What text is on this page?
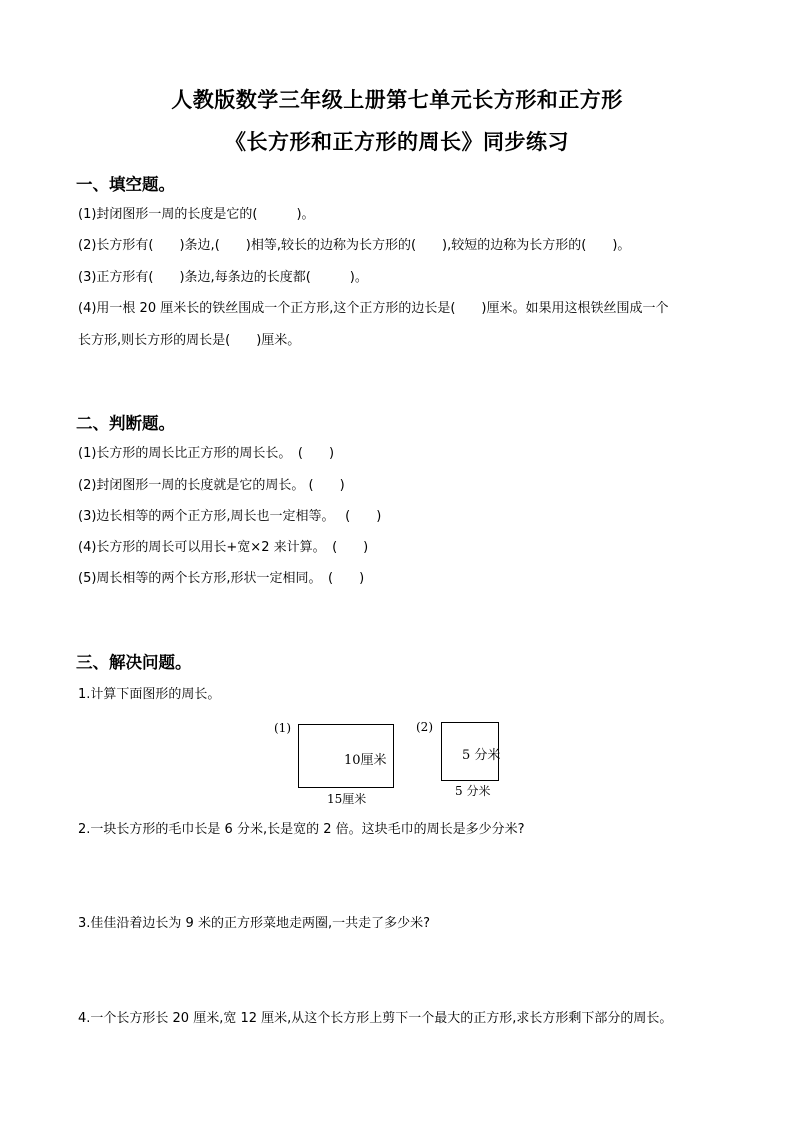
人教版数学三年级上册第七单元长方形和正方形
《长方形和正方形的周长》同步练习
一、填空题。

(1)封闭图形一周的长度是它的(　　　)。

(2)长方形有(　　)条边,(　　)相等,较长的边称为长方形的(　　),较短的边称为长方形的(　　)。

(3)正方形有(　　)条边,每条边的长度都(　　　)。

(4)用一根 20 厘米长的铁丝围成一个正方形,这个正方形的边长是(　　)厘米。如果用这根铁丝围成一个

长方形,则长方形的周长是(　　)厘米。

二、判断题。

(1)长方形的周长比正方形的周长长。　(　　)

(2)封闭图形一周的长度就是它的周长。 (　　)

(3)边长相等的两个正方形,周长也一定相等。　 (　　)

(4)长方形的周长可以用长+宽×2 来计算。　(　　)

(5)周长相等的两个长方形,形状一定相同。　(　　)

三、解决问题。

1.计算下面图形的周长。

(1)
10厘米
15厘米
(2)
5 分米
5 分米

2.一块长方形的毛巾长是 6 分米,长是宽的 2 倍。这块毛巾的周长是多少分米?

3.佳佳沿着边长为 9 米的正方形菜地走两圈,一共走了多少米?

4.一个长方形长 20 厘米,宽 12 厘米,从这个长方形上剪下一个最大的正方形,求长方形剩下部分的周长。
